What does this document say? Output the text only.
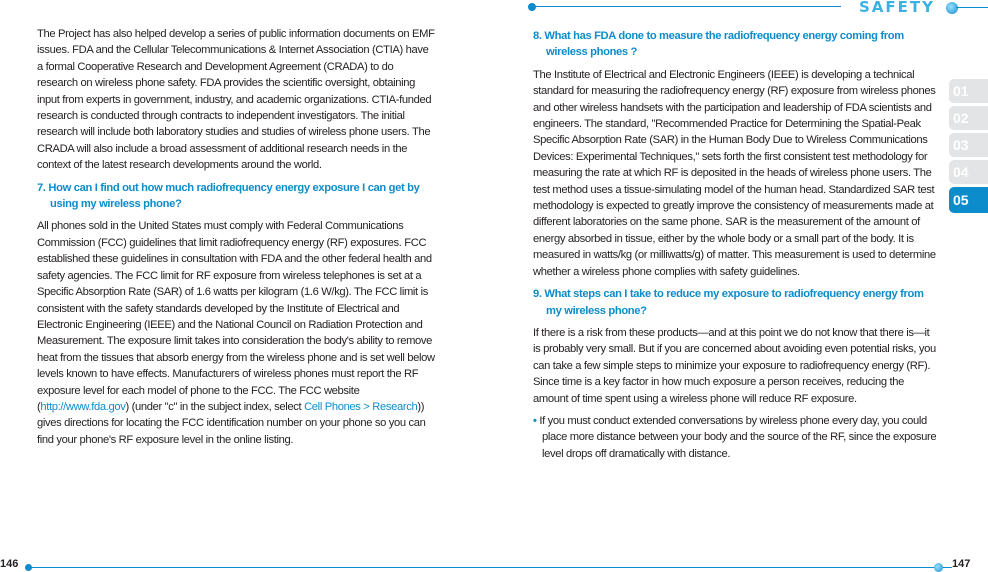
SAFETY
01
02
03
04
05

The Project has also helped develop a series of public information documents on EMF issues. FDA and the Cellular Telecommunications & Internet Association (CTIA) have a formal Cooperative Research and Development Agreement (CRADA) to do research on wireless phone safety. FDA provides the scientific oversight, obtaining input from experts in government, industry, and academic organizations. CTIA-funded research is conducted through contracts to independent investigators. The initial research will include both laboratory studies and studies of wireless phone users. The CRADA will also include a broad assessment of additional research needs in the context of the latest research developments around the world.

7. How can I find out how much radiofrequency energy exposure I can get by using my wireless phone?

All phones sold in the United States must comply with Federal Communications Commission (FCC) guidelines that limit radiofrequency energy (RF) exposures. FCC established these guidelines in consultation with FDA and the other federal health and safety agencies. The FCC limit for RF exposure from wireless telephones is set at a Specific Absorption Rate (SAR) of 1.6 watts per kilogram (1.6 W/kg). The FCC limit is consistent with the safety standards developed by the Institute of Electrical and Electronic Engineering (IEEE) and the National Council on Radiation Protection and Measurement. The exposure limit takes into consideration the body's ability to remove heat from the tissues that absorb energy from the wireless phone and is set well below levels known to have effects. Manufacturers of wireless phones must report the RF exposure level for each model of phone to the FCC. The FCC website (http://www.fda.gov) (under "c" in the subject index, select Cell Phones > Research)) gives directions for locating the FCC identification number on your phone so you can find your phone's RF exposure level in the online listing.

8. What has FDA done to measure the radiofrequency energy coming from wireless phones ?

The Institute of Electrical and Electronic Engineers (IEEE) is developing a technical standard for measuring the radiofrequency energy (RF) exposure from wireless phones and other wireless handsets with the participation and leadership of FDA scientists and engineers. The standard, "Recommended Practice for Determining the Spatial-Peak Specific Absorption Rate (SAR) in the Human Body Due to Wireless Communications Devices: Experimental Techniques," sets forth the first consistent test methodology for measuring the rate at which RF is deposited in the heads of wireless phone users. The test method uses a tissue-simulating model of the human head. Standardized SAR test methodology is expected to greatly improve the consistency of measurements made at different laboratories on the same phone. SAR is the measurement of the amount of energy absorbed in tissue, either by the whole body or a small part of the body. It is measured in watts/kg (or milliwatts/g) of matter. This measurement is used to determine whether a wireless phone complies with safety guidelines.

9. What steps can I take to reduce my exposure to radiofrequency energy from my wireless phone?

If there is a risk from these products—and at this point we do not know that there is—it is probably very small. But if you are concerned about avoiding even potential risks, you can take a few simple steps to minimize your exposure to radiofrequency energy (RF). Since time is a key factor in how much exposure a person receives, reducing the amount of time spent using a wireless phone will reduce RF exposure.

• If you must conduct extended conversations by wireless phone every day, you could place more distance between your body and the source of the RF, since the exposure level drops off dramatically with distance.

146	147
